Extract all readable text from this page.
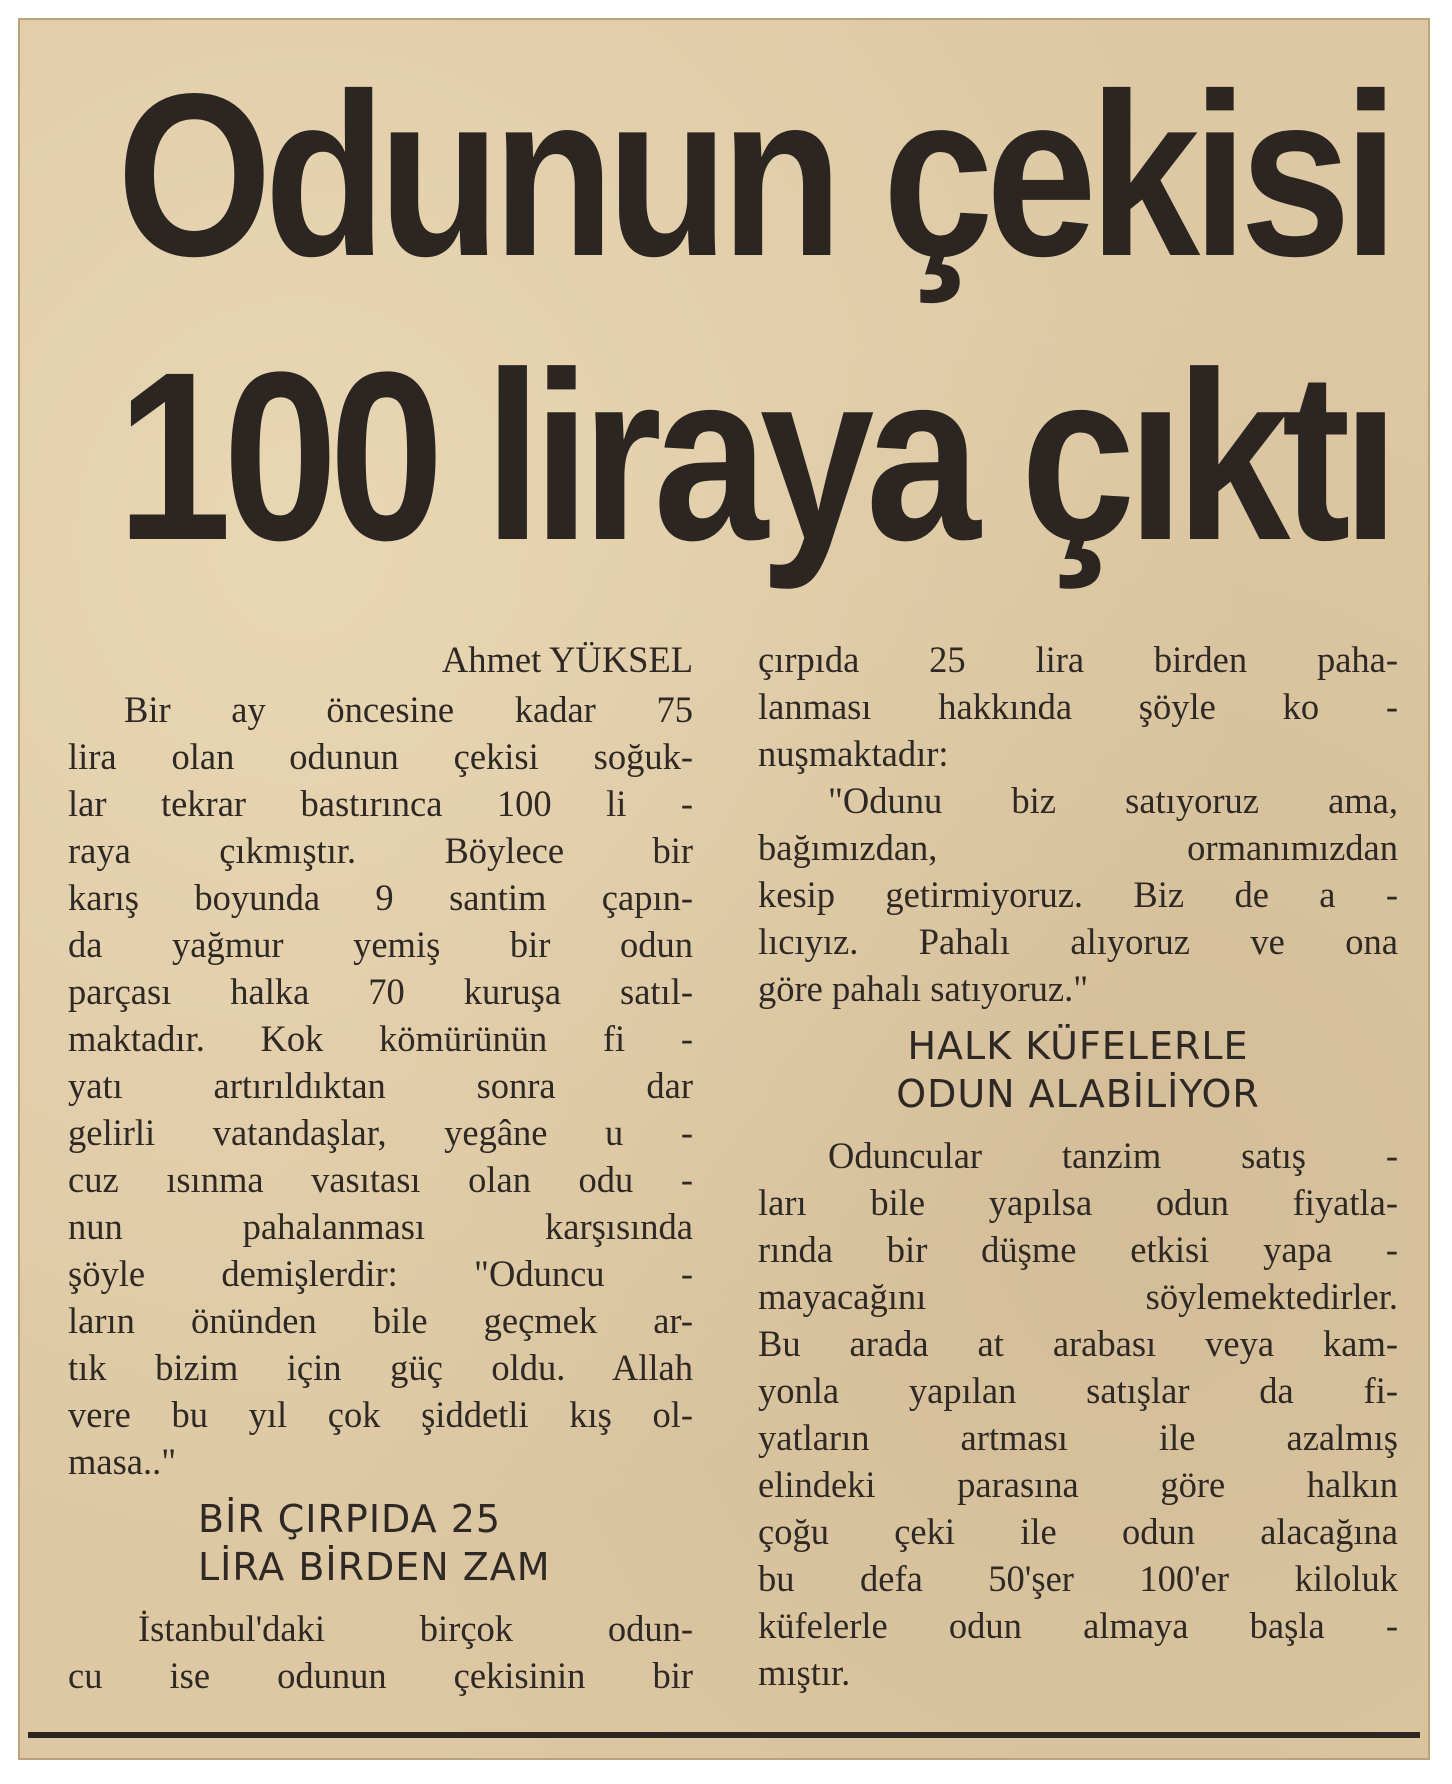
Odunun çekisi
100 liraya çıktı
Ahmet YÜKSEL
Bir ay öncesine kadar 75
lira olan odunun çekisi soğuk-
lar tekrar bastırınca 100 li -
raya çıkmıştır. Böylece bir
karış boyunda 9 santim çapın-
da yağmur yemiş bir odun
parçası halka 70 kuruşa satıl-
maktadır. Kok kömürünün fi -
yatı artırıldıktan sonra dar
gelirli vatandaşlar, yegâne u -
cuz ısınma vasıtası olan odu -
nun pahalanması karşısında
şöyle demişlerdir: "Oduncu -
ların önünden bile geçmek ar-
tık bizim için güç oldu. Allah
vere bu yıl çok şiddetli kış ol-
masa.."
BİR ÇIRPIDA 25
LİRA BİRDEN ZAM
İstanbul'daki birçok odun-
cu ise odunun çekisinin bir
çırpıda 25 lira birden paha-
lanması hakkında şöyle ko -
nuşmaktadır:
"Odunu biz satıyoruz ama,
bağımızdan, ormanımızdan
kesip getirmiyoruz. Biz de a -
lıcıyız. Pahalı alıyoruz ve ona
göre pahalı satıyoruz."
HALK KÜFELERLE
ODUN ALABİLİYOR
Oduncular tanzim satış -
ları bile yapılsa odun fiyatla-
rında bir düşme etkisi yapa -
mayacağını söylemektedirler.
Bu arada at arabası veya kam-
yonla yapılan satışlar da fi-
yatların artması ile azalmış
elindeki parasına göre halkın
çoğu çeki ile odun alacağına
bu defa 50'şer 100'er kiloluk
küfelerle odun almaya başla -
mıştır.
